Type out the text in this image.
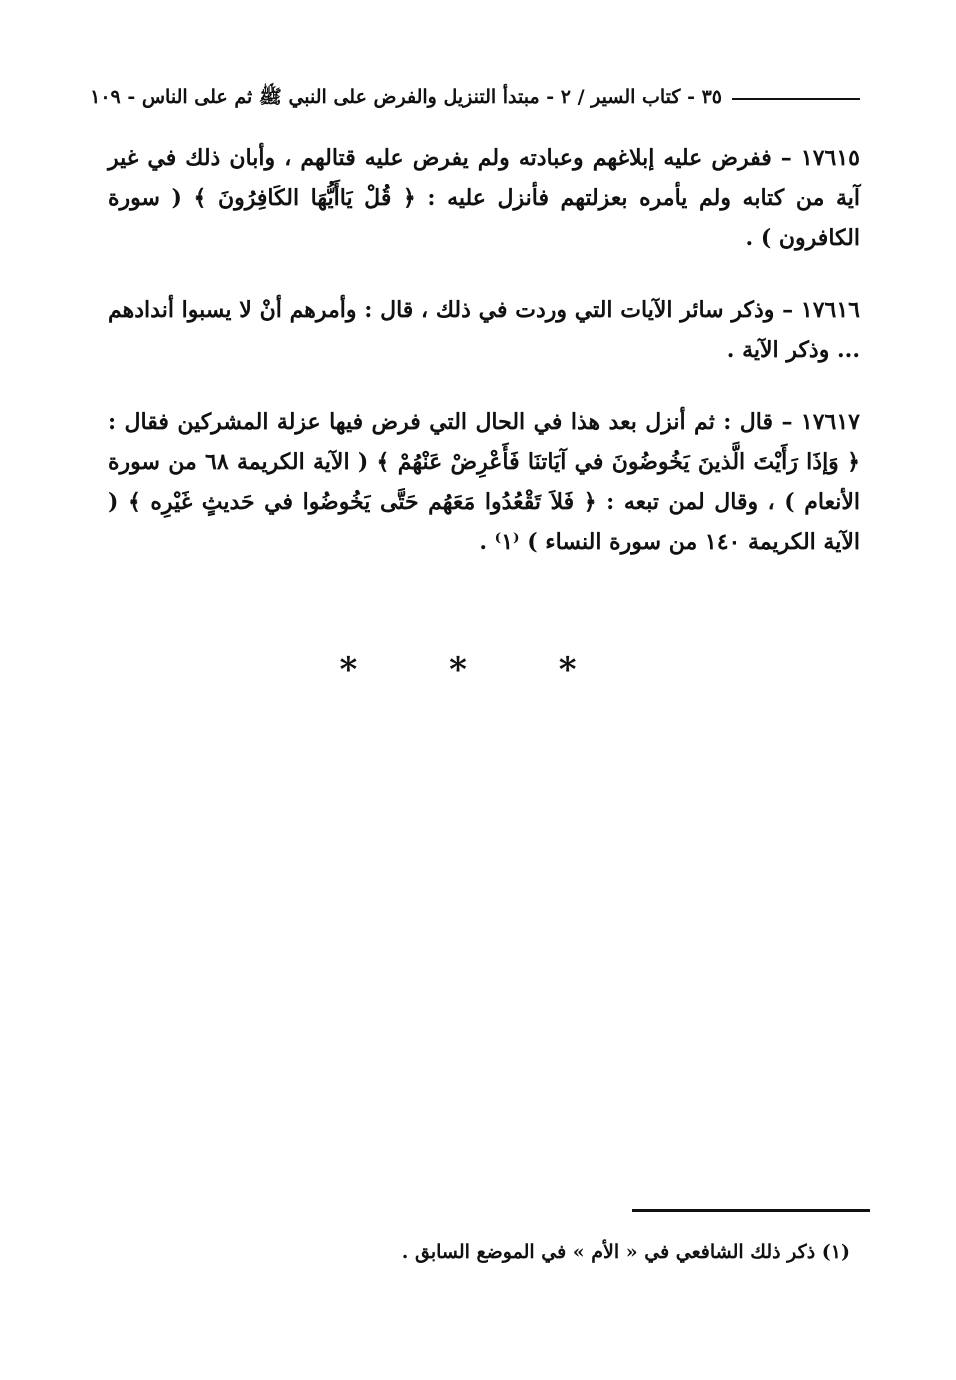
٣٥ - كتاب السير / ٢ - مبتدأ التنزيل والفرض على النبي ﷺ ثم على الناس - ١٠٩

١٧٦١٥ – ففرض عليه إبلاغهم وعبادته ولم يفرض عليه قتالهم ، وأبان ذلك في غير آية من كتابه ولم يأمره بعزلتهم فأنزل عليه : ﴿ قُلْ يَاأَيُّهَا الكَافِرُونَ ﴾ ( سورة الكافرون ) .

١٧٦١٦ – وذكر سائر الآيات التي وردت في ذلك ، قال : وأمرهم أنْ لا يسبوا أندادهم ... وذكر الآية .

١٧٦١٧ – قال : ثم أنزل بعد هذا في الحال التي فرض فيها عزلة المشركين فقال : ﴿ وَإذَا رَأَيْتَ الَّذينَ يَخُوضُونَ في آيَاتنَا فَأَعْرِضْ عَنْهُمْ ﴾ ( الآية الكريمة ٦٨ من سورة الأنعام ) ، وقال لمن تبعه : ﴿ فَلاَ تَقْعُدُوا مَعَهُم حَتَّى يَخُوضُوا في حَديثٍ غَيْرِه ﴾ ( الآية الكريمة ١٤٠ من سورة النساء ) ⁽١⁾ .

* * *
(١) ذكر ذلك الشافعي في « الأم » في الموضع السابق .
